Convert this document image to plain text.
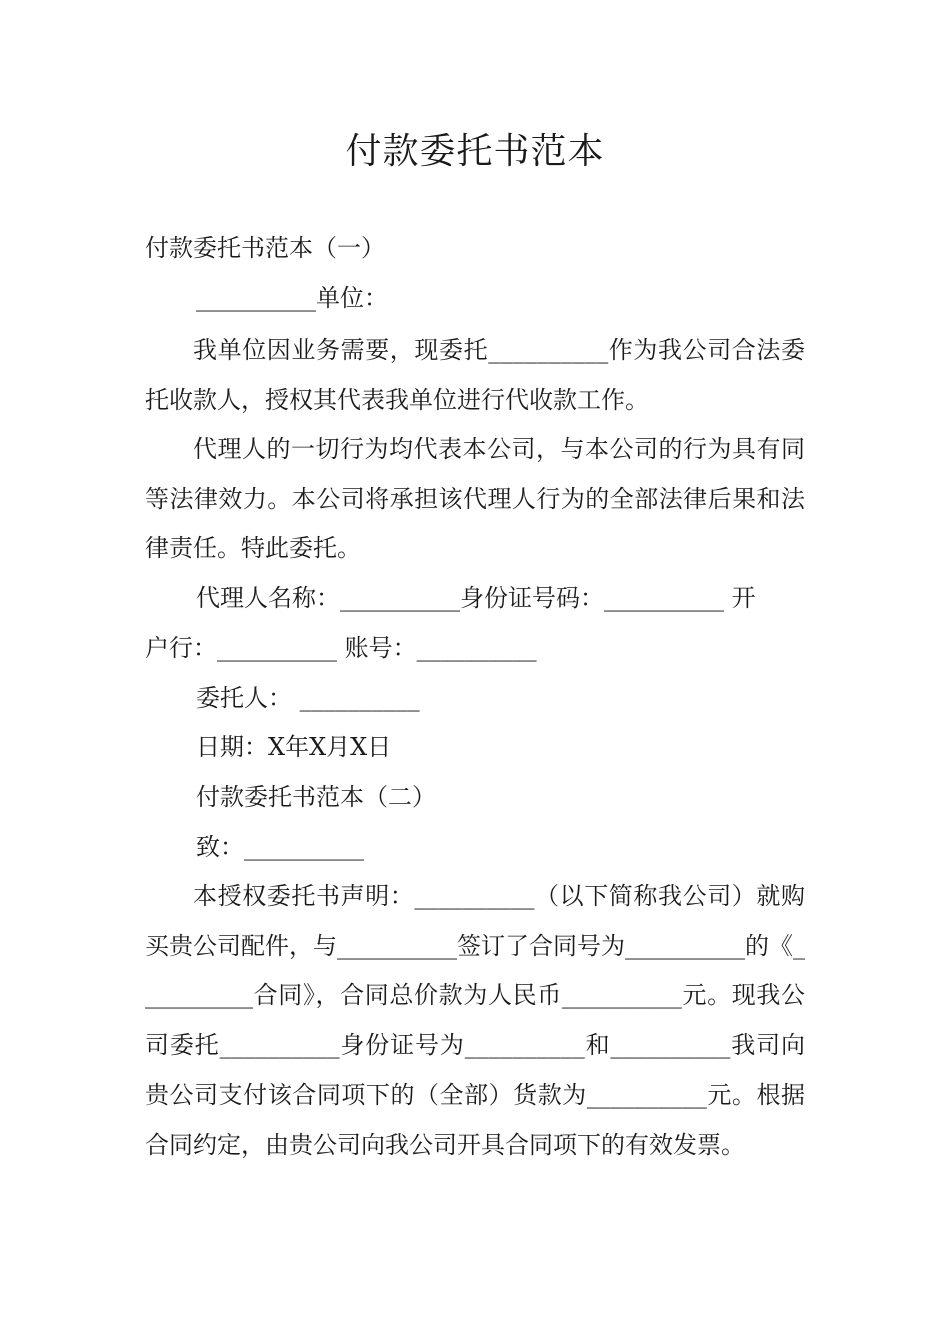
付款委托书范本

付款委托书范本（一）

__________单位：

我单位因业务需要，现委托__________作为我公司合法委托收款人，授权其代表我单位进行代收款工作。

代理人的一切行为均代表本公司，与本公司的行为具有同等法律效力。本公司将承担该代理人行为的全部法律后果和法律责任。特此委托。

代理人名称：__________身份证号码：__________ 开

户行：__________ 账号：__________

委托人： __________

日期：X年X月X日

付款委托书范本（二）

致：__________

本授权委托书声明：__________（以下简称我公司）就购买贵公司配件，与__________签订了合同号为__________的《__________合同》，合同总价款为人民币__________元。现我公司委托__________身份证号为__________和__________我司向贵公司支付该合同项下的（全部）货款为__________元。根据合同约定，由贵公司向我公司开具合同项下的有效发票。
